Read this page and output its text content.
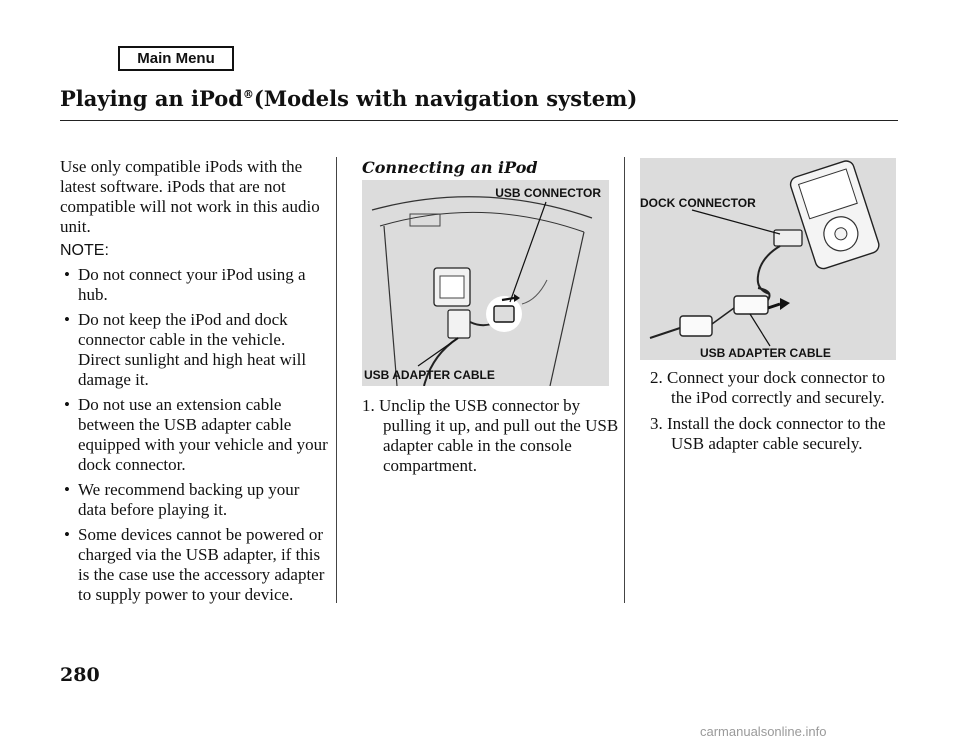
Main Menu
Playing an iPod®(Models with navigation system)

Use only compatible iPods with the latest software. iPods that are not compatible will not work in this audio unit.

NOTE:

• Do not connect your iPod using a hub.
• Do not keep the iPod and dock connector cable in the vehicle. Direct sunlight and high heat will damage it.
• Do not use an extension cable between the USB adapter cable equipped with your vehicle and your dock connector.
• We recommend backing up your data before playing it.
• Some devices cannot be powered or charged via the USB adapter, if this is the case use the accessory adapter to supply power to your device.
Connecting an iPod
USB CONNECTOR
USB ADAPTER CABLE
1. Unclip the USB connector by
pulling it up, and pull out the USB adapter cable in the console compartment.
DOCK CONNECTOR
USB ADAPTER CABLE
2. Connect your dock connector to
the iPod correctly and securely.
3. Install the dock connector to the
USB adapter cable securely.
280
carmanualsonline.info
